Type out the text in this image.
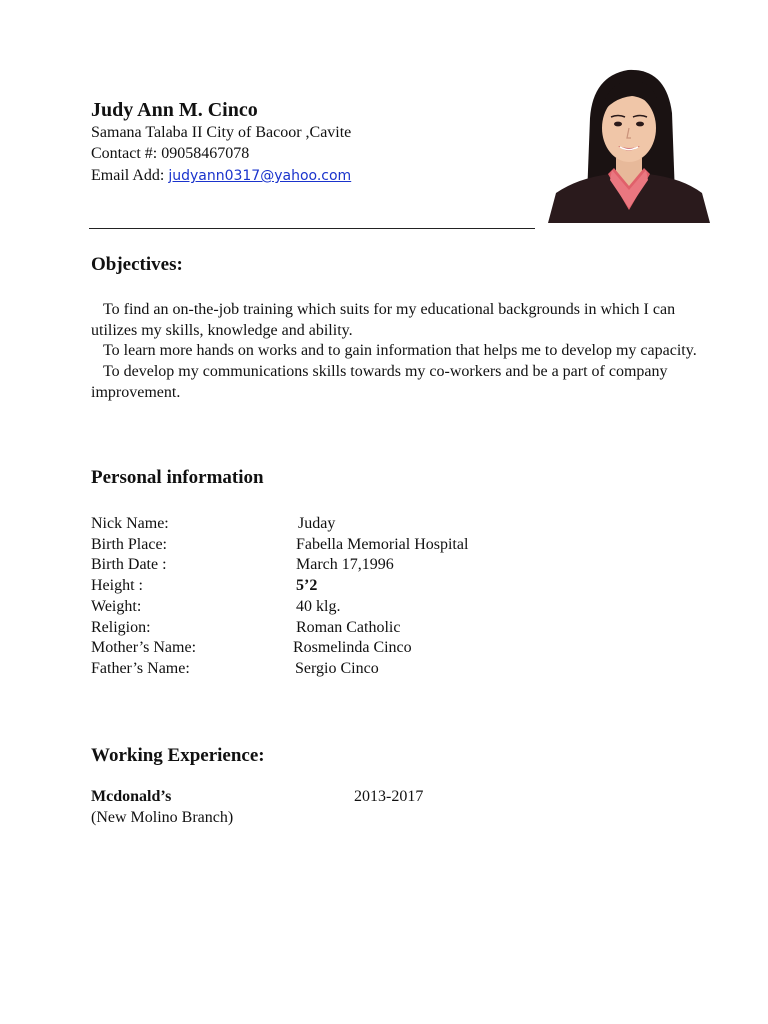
Judy Ann M. Cinco
Samana Talaba II City of Bacoor ,Cavite
Contact #: 09058467078
Email Add: judyann0317@yahoo.com
Objectives:
To find an on-the-job training which suits for my educational backgrounds in which I can utilizes my skills, knowledge and ability.
To learn more hands on works and to gain information that helps me to develop my capacity.
To develop my communications skills towards my co-workers and be a part of company improvement.
Personal information
Nick Name:	Juday
Birth Place:	Fabella Memorial Hospital
Birth Date :	March 17,1996
Height :	5’2
Weight:	40 klg.
Religion:	Roman Catholic
Mother’s Name:	Rosmelinda Cinco
Father’s Name:	Sergio Cinco
Working Experience:
Mcdonald’s	2013-2017
(New Molino Branch)
